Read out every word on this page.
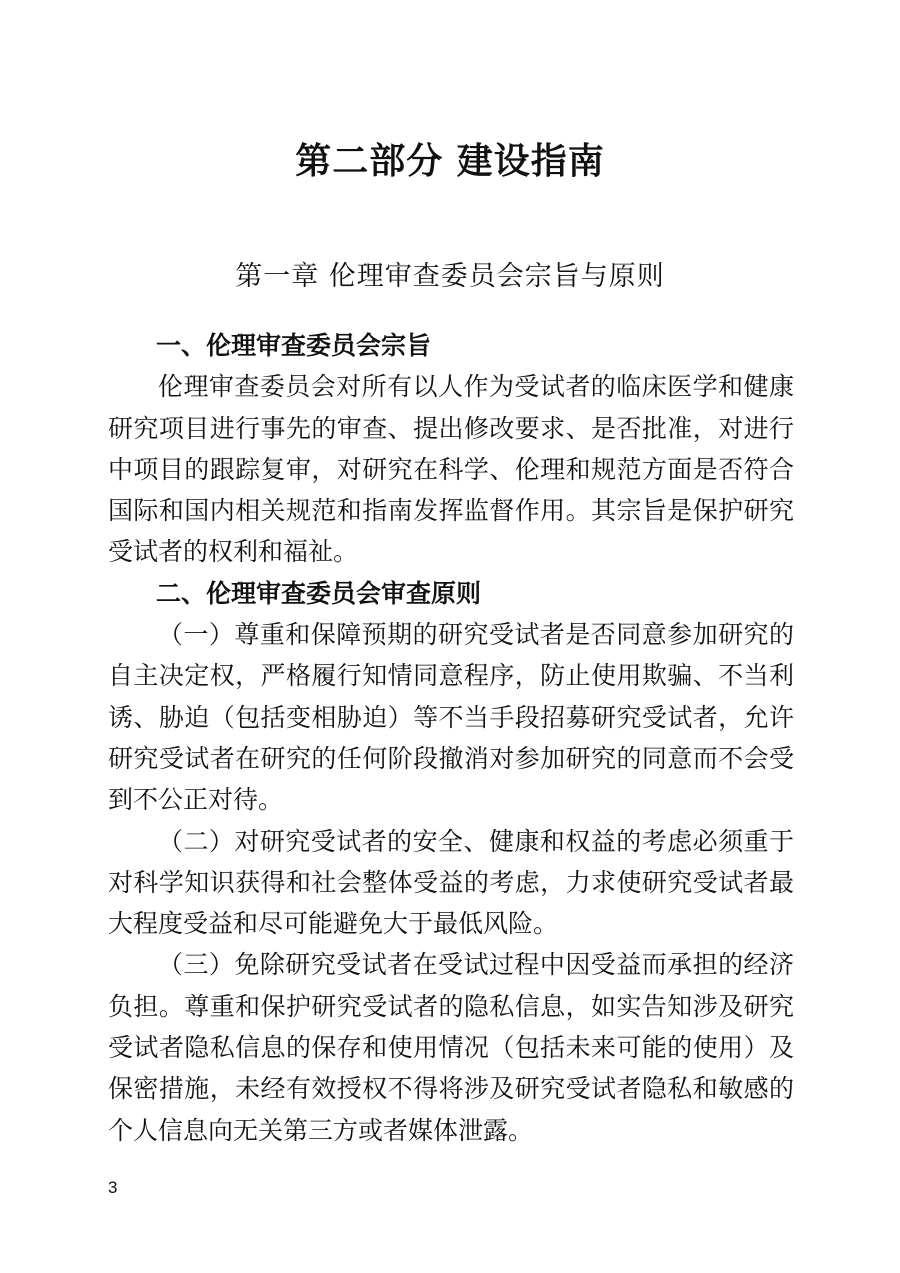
第二部分 建设指南
第一章 伦理审查委员会宗旨与原则

一、伦理审查委员会宗旨

伦理审查委员会对所有以人作为受试者的临床医学和健康研究项目进行事先的审查、提出修改要求、是否批准，对进行中项目的跟踪复审，对研究在科学、伦理和规范方面是否符合国际和国内相关规范和指南发挥监督作用。其宗旨是保护研究受试者的权利和福祉。

二、伦理审查委员会审查原则

（一）尊重和保障预期的研究受试者是否同意参加研究的自主决定权，严格履行知情同意程序，防止使用欺骗、不当利诱、胁迫（包括变相胁迫）等不当手段招募研究受试者，允许研究受试者在研究的任何阶段撤消对参加研究的同意而不会受到不公正对待。

（二）对研究受试者的安全、健康和权益的考虑必须重于对科学知识获得和社会整体受益的考虑，力求使研究受试者最大程度受益和尽可能避免大于最低风险。

（三）免除研究受试者在受试过程中因受益而承担的经济负担。尊重和保护研究受试者的隐私信息，如实告知涉及研究受试者隐私信息的保存和使用情况（包括未来可能的使用）及保密措施，未经有效授权不得将涉及研究受试者隐私和敏感的个人信息向无关第三方或者媒体泄露。

3
